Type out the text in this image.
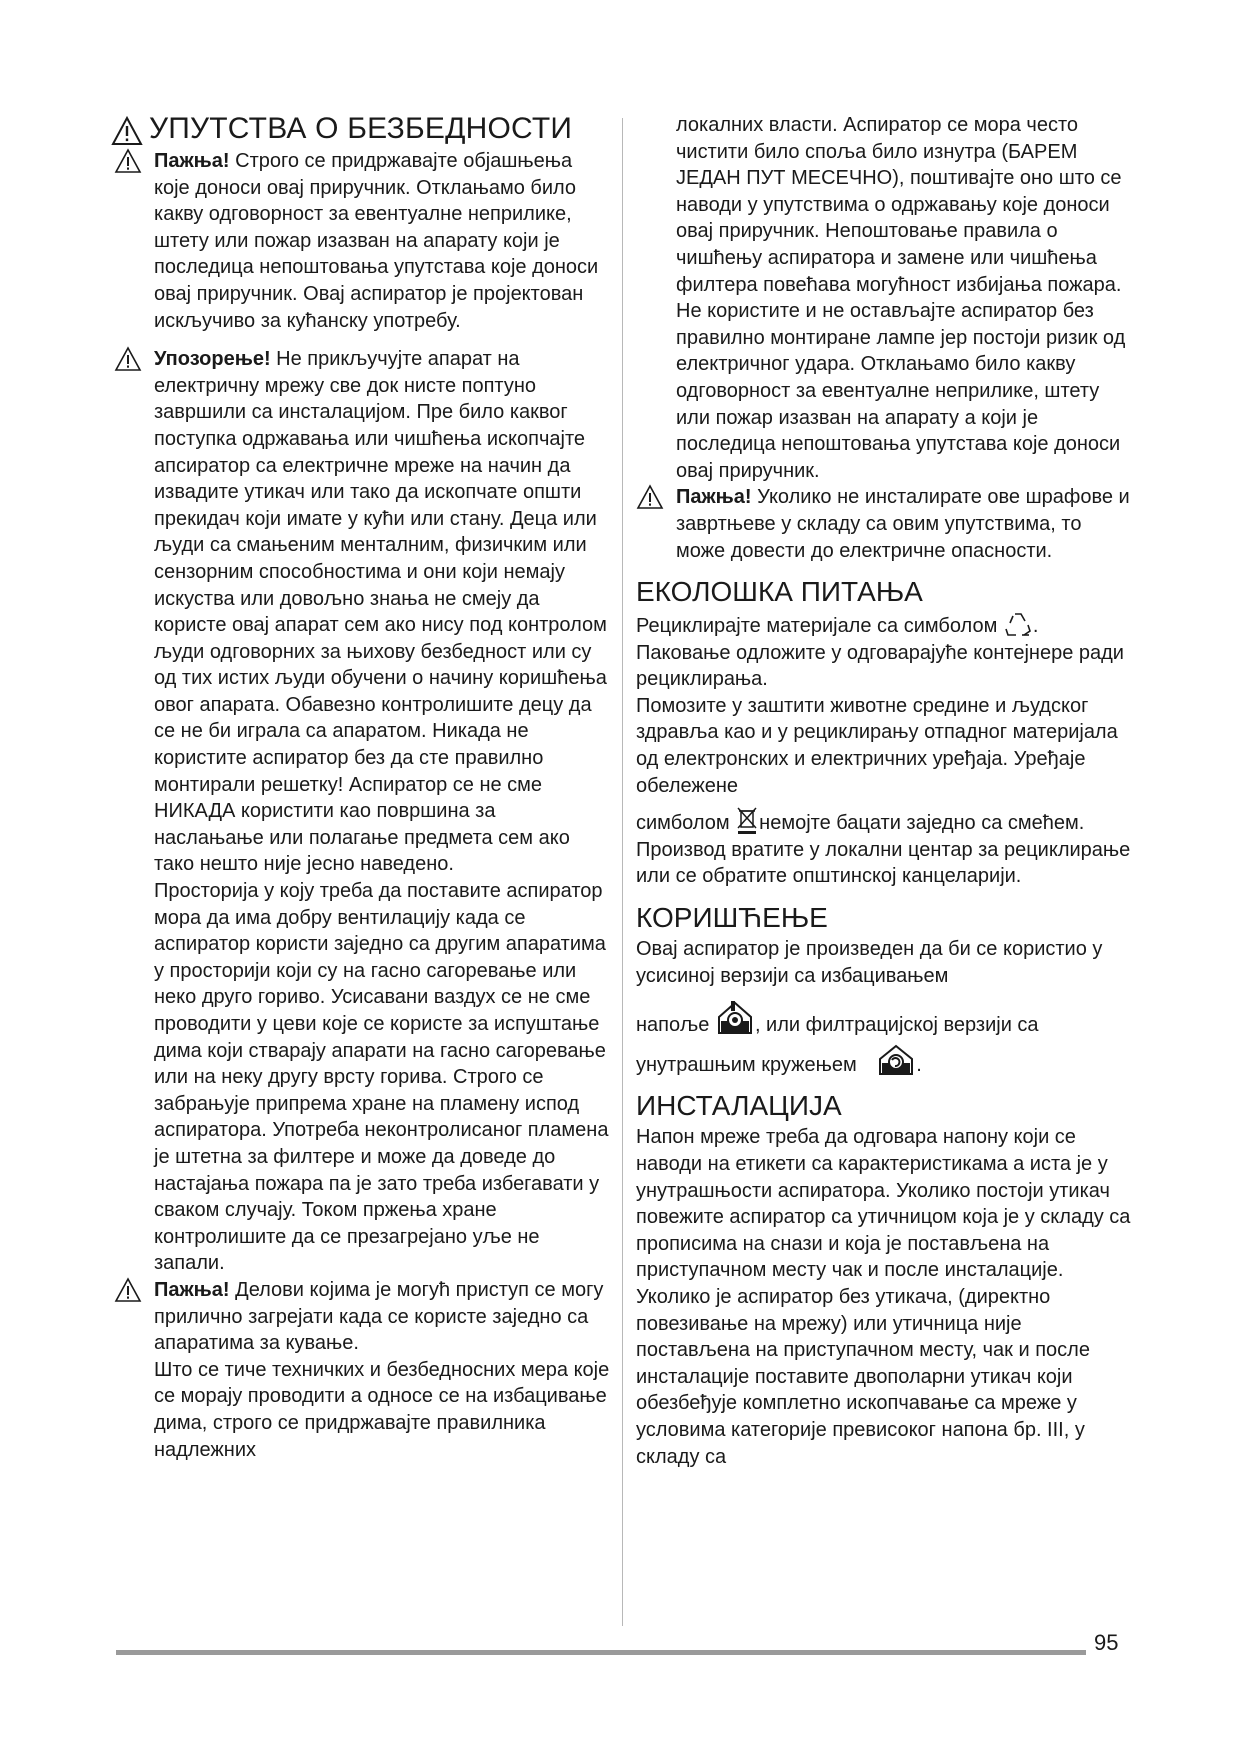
УПУТСТВА О БЕЗБЕДНОСТИ

Пажња! Строго се придржавајте објашњења које доноси овај приручник. Отклањамо било какву одговорност за евентуалне неприлике, штету или пожар изазван на апарату који је последица непоштовања упутстава које доноси овај приручник. Овај аспиратор је пројектован искључиво за кућанску употребу.

Упозорење! Не прикључујте апарат на електричну мрежу све док нисте поптуно завршили са инсталацијом. Пре било каквог поступка одржавања или чишћења ископчајте апсиратор са електричне мреже на начин да извадите утикач или тако да ископчате општи прекидач који имате у кући или стану. Деца или људи са смањеним менталним, физичким или сензорним способностима и они који немају искуства или довољно знања не смеју да користе овај апарат сем ако нису под контролом људи одговорних за њихову безбедност или су од тих истих људи обучени о начину коришћења овог апарата. Обавезно контролишите децу да се не би играла са апаратом. Никада не користите аспиратор без да сте правилно монтирали решетку! Аспиратор се не сме НИКАДА користити као површина за наслањање или полагање предмета сем ако тако нешто није јесно наведено.

Просторија у коју треба да поставите аспиратор мора да има добру вентилацију када се аспиратор користи заједно са другим апаратима у просторији који су на гасно сагоревање или неко друго гориво. Усисавани ваздух се не сме проводити у цеви које се користе за испуштање дима који стварају апарати на гасно сагоревање или на неку другу врсту горива. Строго се забрањује припрема хране на пламену испод аспиратора. Употреба неконтролисаног пламена је штетна за филтере и може да доведе до настајања пожара па је зато треба избегавати у сваком случају. Током пржења хране контролишите да се презагрејано уље не запали.

Пажња! Делови којима је могућ приступ се могу прилично загрејати када се користе заједно са апаратима за кување.

Што се тиче техничких и безбедносних мера које се морају проводити а односе се на избацивање дима, строго се придржавајте правилника надлежних

локалних власти. Аспиратор се мора често чистити било споља било изнутра (БАРЕМ ЈЕДАН ПУТ МЕСЕЧНО), поштивајте оно што се наводи у упутствима о одржавању које доноси овај приручник. Непоштовање правила о чишћењу аспиратора и замене или чишћења филтера повећава могућност избијања пожара. Не користите и не остављајте аспиратор без правилно монтиране лампе јер постоји ризик од електричног удара. Отклањамо било какву одговорност за евентуалне неприлике, штету или пожар изазван на апарату а који је последица непоштовања упутстава које доноси овај приручник.

Пажња! Уколико не инсталирате ове шрафове и завртњеве у складу са овим упутствима, то може довести до електричне опасности.

ЕКОЛОШКА ПИТАЊА

Рециклирајте материјале са симболом . Паковање одложите у одговарајуће контејнере ради рециклирања.

Помозите у заштити животне средине и људског здравља као и у рециклирању отпадног материјала од електронских и електричних уређаја. Уређаје обележене

симболом немојте бацати заједно са смећем. Производ вратите у локални центар за рециклирање или се обратите општинској канцеларији.

КОРИШЋЕЊЕ

Овај аспиратор је произведен да би се користио у усисиној верзији са избацивањем

напоље , или филтрацијској верзији са

унутрашњим кружењем	.

ИНСТАЛАЦИЈА

Напон мреже треба да одговара напону који се наводи на етикети са карактеристикама а иста је у унутрашњости аспиратора. Уколико постоји утикач повежите аспиратор са утичницом која је у складу са прописима на снази и која је постављена на приступачном месту чак и после инсталације.

Уколико је аспиратор без утикача, (директно повезивање на мрежу) или утичница није постављена на приступачном месту, чак и после инсталације поставите двополарни утикач који обезбеђује комплетно ископчавање са мреже у условима категорије превисоког напона бр. III, у складу са

95
